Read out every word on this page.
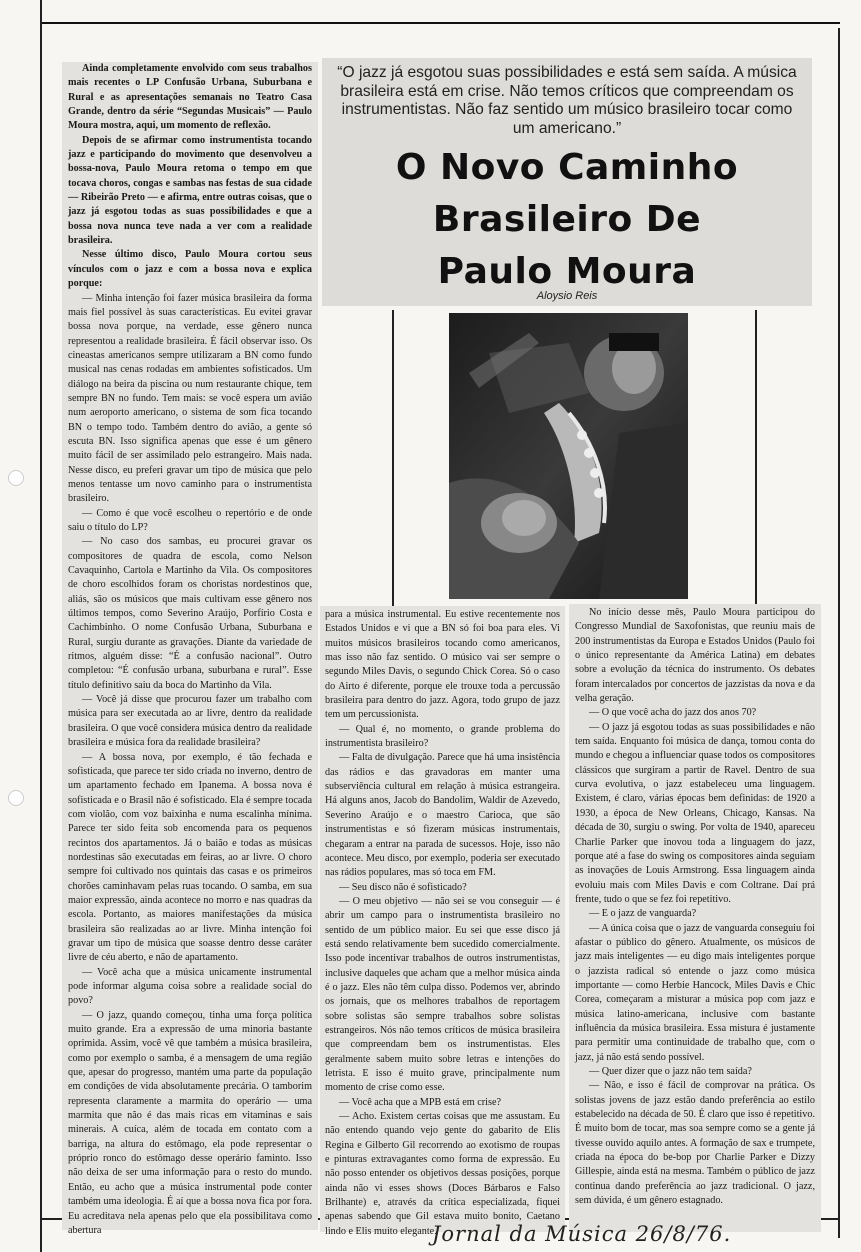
Ainda completamente envolvido com seus trabalhos mais recentes o LP Confusão Urbana, Suburbana e Rural e as apresentações semanais no Teatro Casa Grande, dentro da série “Segundas Musicais” — Paulo Moura mostra, aqui, um momento de reflexão.

Depois de se afirmar como instrumentista tocando jazz e participando do movimento que desenvolveu a bossa-nova, Paulo Moura retoma o tempo em que tocava choros, congas e sambas nas festas de sua cidade — Ribeirão Preto — e afirma, entre outras coisas, que o jazz já esgotou todas as suas possibilidades e que a bossa nova nunca teve nada a ver com a realidade brasileira.

Nesse último disco, Paulo Moura cortou seus vínculos com o jazz e com a bossa nova e explica porque:

— Minha intenção foi fazer música brasileira da forma mais fiel possível às suas características. Eu evitei gravar bossa nova porque, na verdade, esse gênero nunca representou a realidade brasileira. É fácil observar isso. Os cineastas americanos sempre utilizaram a BN como fundo musical nas cenas rodadas em ambientes sofisticados. Um diálogo na beira da piscina ou num restaurante chique, tem sempre BN no fundo. Tem mais: se você espera um avião num aeroporto americano, o sistema de som fica tocando BN o tempo todo. Também dentro do avião, a gente só escuta BN. Isso significa apenas que esse é um gênero muito fácil de ser assimilado pelo estrangeiro. Mais nada. Nesse disco, eu preferi gravar um tipo de música que pelo menos tentasse um novo caminho para o instrumentista brasileiro.

— Como é que você escolheu o repertório e de onde saiu o título do LP?

— No caso dos sambas, eu procurei gravar os compositores de quadra de escola, como Nelson Cavaquinho, Cartola e Martinho da Vila. Os compositores de choro escolhidos foram os choristas nordestinos que, aliás, são os músicos que mais cultivam esse gênero nos últimos tempos, como Severino Araújo, Porfírio Costa e Cachimbinho. O nome Confusão Urbana, Suburbana e Rural, surgiu durante as gravações. Diante da variedade de ritmos, alguém disse: “É a confusão nacional”. Outro completou: “É confusão urbana, suburbana e rural”. Esse título definitivo saiu da boca do Martinho da Vila.

— Você já disse que procurou fazer um trabalho com música para ser executada ao ar livre, dentro da realidade brasileira. O que você considera música dentro da realidade brasileira e música fora da realidade brasileira?

— A bossa nova, por exemplo, é tão fechada e sofisticada, que parece ter sido criada no inverno, dentro de um apartamento fechado em Ipanema. A bossa nova é sofisticada e o Brasil não é sofisticado. Ela é sempre tocada com violão, com voz baixinha e numa escalinha mínima. Parece ter sido feita sob encomenda para os pequenos recintos dos apartamentos. Já o baião e todas as músicas nordestinas são executadas em feiras, ao ar livre. O choro sempre foi cultivado nos quintais das casas e os primeiros chorões caminhavam pelas ruas tocando. O samba, em sua maior expressão, ainda acontece no morro e nas quadras da escola. Portanto, as maiores manifestações da música brasileira são realizadas ao ar livre. Minha intenção foi gravar um tipo de música que soasse dentro desse caráter livre de céu aberto, e não de apartamento.

— Você acha que a música unicamente instrumental pode informar alguma coisa sobre a realidade social do povo?

— O jazz, quando começou, tinha uma força política muito grande. Era a expressão de uma minoria bastante oprimida. Assim, você vê que também a música brasileira, como por exemplo o samba, é a mensagem de uma região que, apesar do progresso, mantém uma parte da população em condições de vida absolutamente precária. O tamborim representa claramente a marmita do operário — uma marmita que não é das mais ricas em vitaminas e sais minerais. A cuíca, além de tocada em contato com a barriga, na altura do estômago, ela pode representar o próprio ronco do estômago desse operário faminto. Isso não deixa de ser uma informação para o resto do mundo. Então, eu acho que a música instrumental pode conter também uma ideologia. É aí que a bossa nova fica por fora. Eu acreditava nela apenas pelo que ela possibilitava como abertura

“O jazz já esgotou suas possibilidades e está sem saída. A música brasileira está em crise. Não temos críticos que compreendam os instrumentistas. Não faz sentido um músico brasileiro tocar como um americano.”
O Novo Caminho
Brasileiro De
Paulo Moura
Aloysio Reis

para a música instrumental. Eu estive recentemente nos Estados Unidos e vi que a BN só foi boa para eles. Vi muitos músicos brasileiros tocando como americanos, mas isso não faz sentido. O músico vai ser sempre o segundo Miles Davis, o segundo Chick Corea. Só o caso do Airto é diferente, porque ele trouxe toda a percussão brasileira para dentro do jazz. Agora, todo grupo de jazz tem um percussionista.

— Qual é, no momento, o grande problema do instrumentista brasileiro?

— Falta de divulgação. Parece que há uma insistência das rádios e das gravadoras em manter uma subserviência cultural em relação à música estrangeira. Há alguns anos, Jacob do Bandolim, Waldir de Azevedo, Severino Araújo e o maestro Carioca, que são instrumentistas e só fizeram músicas instrumentais, chegaram a entrar na parada de sucessos. Hoje, isso não acontece. Meu disco, por exemplo, poderia ser executado nas rádios populares, mas só toca em FM.

— Seu disco não é sofisticado?

— O meu objetivo — não sei se vou conseguir — é abrir um campo para o instrumentista brasileiro no sentido de um público maior. Eu sei que esse disco já está sendo relativamente bem sucedido comercialmente. Isso pode incentivar trabalhos de outros instrumentistas, inclusive daqueles que acham que a melhor música ainda é o jazz. Eles não têm culpa disso. Podemos ver, abrindo os jornais, que os melhores trabalhos de reportagem sobre solistas são sempre trabalhos sobre solistas estrangeiros. Nós não temos críticos de música brasileira que compreendam bem os instrumentistas. Eles geralmente sabem muito sobre letras e intenções do letrista. E isso é muito grave, principalmente num momento de crise como esse.

— Você acha que a MPB está em crise?

— Acho. Existem certas coisas que me assustam. Eu não entendo quando vejo gente do gabarito de Elis Regina e Gilberto Gil recorrendo ao exotismo de roupas e pinturas extravagantes como forma de expressão. Eu não posso entender os objetivos dessas posições, porque ainda não vi esses shows (Doces Bárbaros e Falso Brilhante) e, através da crítica especializada, fiquei apenas sabendo que Gil estava muito bonito, Caetano lindo e Elis muito elegante.

No início desse mês, Paulo Moura participou do Congresso Mundial de Saxofonistas, que reuniu mais de 200 instrumentistas da Europa e Estados Unidos (Paulo foi o único representante da América Latina) em debates sobre a evolução da técnica do instrumento. Os debates foram intercalados por concertos de jazzistas da nova e da velha geração.

— O que você acha do jazz dos anos 70?

— O jazz já esgotou todas as suas possibilidades e não tem saída. Enquanto foi música de dança, tomou conta do mundo e chegou a influenciar quase todos os compositores clássicos que surgiram a partir de Ravel. Dentro de sua curva evolutiva, o jazz estabeleceu uma linguagem. Existem, é claro, várias épocas bem definidas: de 1920 a 1930, a época de New Orleans, Chicago, Kansas. Na década de 30, surgiu o swing. Por volta de 1940, apareceu Charlie Parker que inovou toda a linguagem do jazz, porque até a fase do swing os compositores ainda seguiam as inovações de Louis Armstrong. Essa linguagem ainda evoluiu mais com Miles Davis e com Coltrane. Daí prá frente, tudo o que se fez foi repetitivo.

— E o jazz de vanguarda?

— A única coisa que o jazz de vanguarda conseguiu foi afastar o público do gênero. Atualmente, os músicos de jazz mais inteligentes — eu digo mais inteligentes porque o jazzista radical só entende o jazz como música importante — como Herbie Hancock, Miles Davis e Chic Corea, começaram a misturar a música pop com jazz e música latino-americana, inclusive com bastante influência da música brasileira. Essa mistura é justamente para permitir uma continuidade de trabalho que, com o jazz, já não está sendo possível.

— Quer dizer que o jazz não tem saída?

— Não, e isso é fácil de comprovar na prática. Os solistas jovens de jazz estão dando preferência ao estilo estabelecido na década de 50. É claro que isso é repetitivo. É muito bom de tocar, mas soa sempre como se a gente já tivesse ouvido aquilo antes. A formação de sax e trumpete, criada na época do be-bop por Charlie Parker e Dizzy Gillespie, ainda está na mesma. Também o público de jazz continua dando preferência ao jazz tradicional. O jazz, sem dúvida, é um gênero estagnado.

Jornal da Música 26/8/76.
